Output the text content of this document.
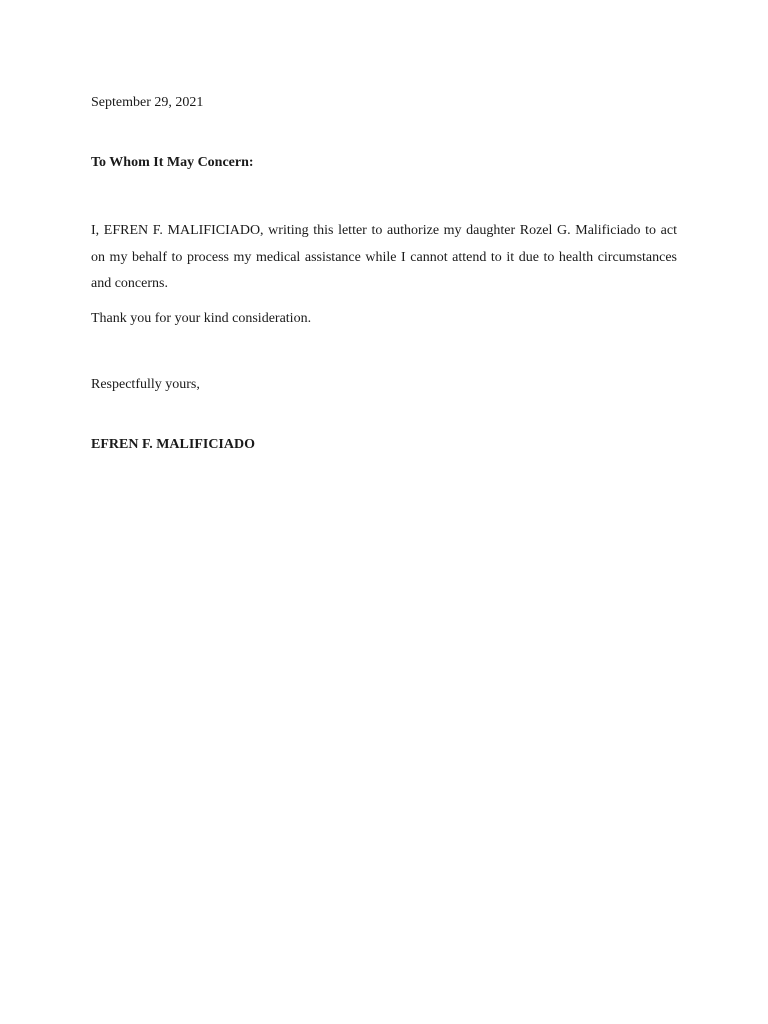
September 29, 2021
To Whom It May Concern:

I, EFREN F. MALIFICIADO, writing this letter to authorize my daughter Rozel G. Malificiado to act on my behalf to process my medical assistance while I cannot attend to it due to health circumstances and concerns.

Thank you for your kind consideration.
Respectfully yours,
EFREN F. MALIFICIADO
